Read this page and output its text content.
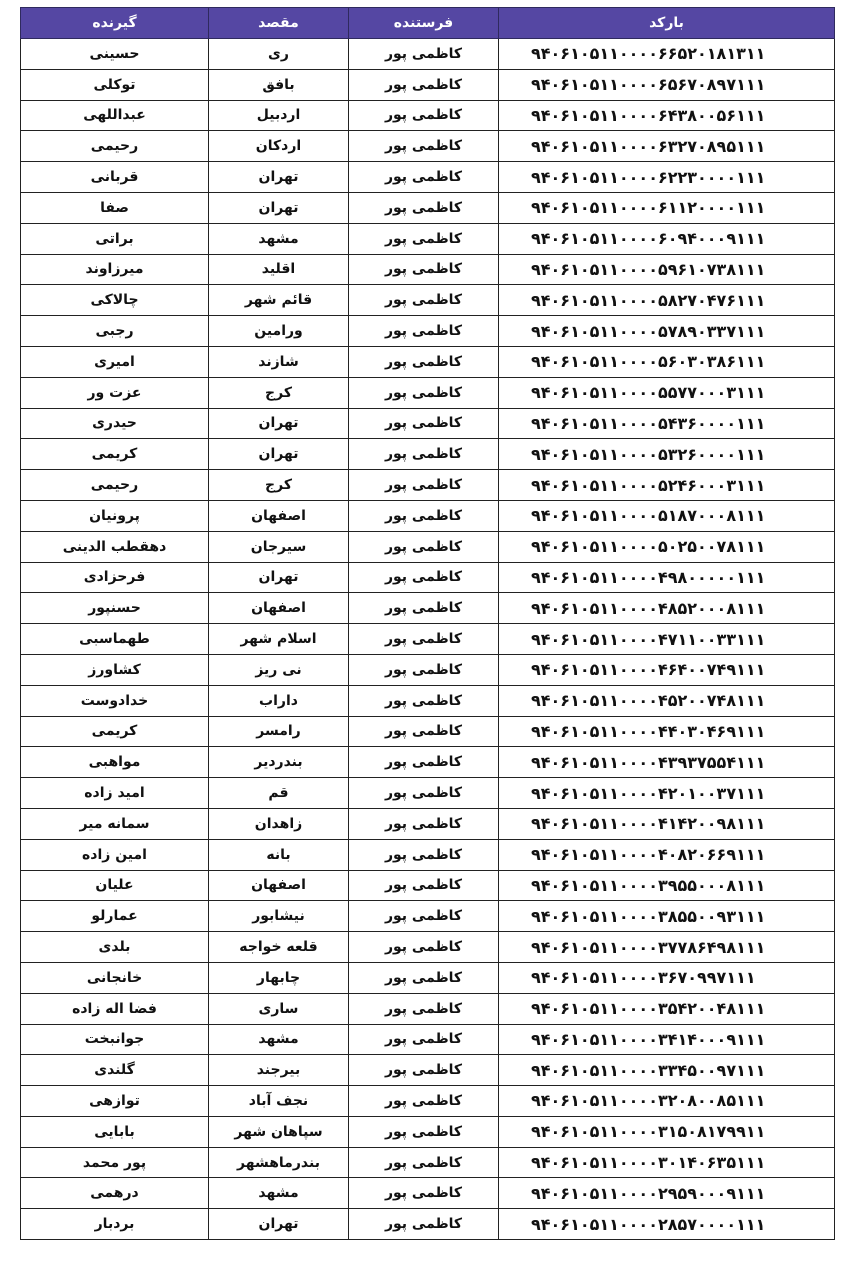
گیرنده	مقصد	فرستنده	بارکد
حسینی	ری	کاظمی پور	۹۴۰۶۱۰۵۱۱۰۰۰۰۶۶۵۲۰۱۸۱۳۱۱
توکلی	بافق	کاظمی پور	۹۴۰۶۱۰۵۱۱۰۰۰۰۶۵۶۷۰۸۹۷۱۱۱
عبداللهی	اردبیل	کاظمی پور	۹۴۰۶۱۰۵۱۱۰۰۰۰۶۴۳۸۰۰۵۶۱۱۱
رحیمی	اردکان	کاظمی پور	۹۴۰۶۱۰۵۱۱۰۰۰۰۶۳۲۷۰۸۹۵۱۱۱
قربانی	تهران	کاظمی پور	۹۴۰۶۱۰۵۱۱۰۰۰۰۶۲۲۳۰۰۰۰۱۱۱
صفا	تهران	کاظمی پور	۹۴۰۶۱۰۵۱۱۰۰۰۰۶۱۱۲۰۰۰۰۱۱۱
براتی	مشهد	کاظمی پور	۹۴۰۶۱۰۵۱۱۰۰۰۰۶۰۹۴۰۰۰۹۱۱۱
میرزاوند	اقلید	کاظمی پور	۹۴۰۶۱۰۵۱۱۰۰۰۰۵۹۶۱۰۷۳۸۱۱۱
چالاکی	قائم شهر	کاظمی پور	۹۴۰۶۱۰۵۱۱۰۰۰۰۵۸۲۷۰۴۷۶۱۱۱
رجبی	ورامین	کاظمی پور	۹۴۰۶۱۰۵۱۱۰۰۰۰۵۷۸۹۰۳۳۷۱۱۱
امیری	شازند	کاظمی پور	۹۴۰۶۱۰۵۱۱۰۰۰۰۵۶۰۳۰۳۸۶۱۱۱
عزت ور	کرج	کاظمی پور	۹۴۰۶۱۰۵۱۱۰۰۰۰۵۵۷۷۰۰۰۳۱۱۱
حیدری	تهران	کاظمی پور	۹۴۰۶۱۰۵۱۱۰۰۰۰۵۴۳۶۰۰۰۰۱۱۱
کریمی	تهران	کاظمی پور	۹۴۰۶۱۰۵۱۱۰۰۰۰۵۳۲۶۰۰۰۰۱۱۱
رحیمی	کرج	کاظمی پور	۹۴۰۶۱۰۵۱۱۰۰۰۰۵۲۴۶۰۰۰۳۱۱۱
پرونیان	اصفهان	کاظمی پور	۹۴۰۶۱۰۵۱۱۰۰۰۰۵۱۸۷۰۰۰۸۱۱۱
دهقطب الدینی	سیرجان	کاظمی پور	۹۴۰۶۱۰۵۱۱۰۰۰۰۵۰۲۵۰۰۷۸۱۱۱
فرحزادی	تهران	کاظمی پور	۹۴۰۶۱۰۵۱۱۰۰۰۰۴۹۸۰۰۰۰۰۱۱۱
حسنپور	اصفهان	کاظمی پور	۹۴۰۶۱۰۵۱۱۰۰۰۰۴۸۵۲۰۰۰۸۱۱۱
طهماسبی	اسلام شهر	کاظمی پور	۹۴۰۶۱۰۵۱۱۰۰۰۰۴۷۱۱۰۰۳۳۱۱۱
کشاورز	نی ریز	کاظمی پور	۹۴۰۶۱۰۵۱۱۰۰۰۰۴۶۴۰۰۷۴۹۱۱۱
خدادوست	داراب	کاظمی پور	۹۴۰۶۱۰۵۱۱۰۰۰۰۴۵۲۰۰۷۴۸۱۱۱
کریمی	رامسر	کاظمی پور	۹۴۰۶۱۰۵۱۱۰۰۰۰۴۴۰۳۰۴۶۹۱۱۱
مواهبی	بندردیر	کاظمی پور	۹۴۰۶۱۰۵۱۱۰۰۰۰۴۳۹۳۷۵۵۴۱۱۱
امید زاده	قم	کاظمی پور	۹۴۰۶۱۰۵۱۱۰۰۰۰۴۲۰۱۰۰۳۷۱۱۱
سمانه میر	زاهدان	کاظمی پور	۹۴۰۶۱۰۵۱۱۰۰۰۰۴۱۴۲۰۰۹۸۱۱۱
امین زاده	بانه	کاظمی پور	۹۴۰۶۱۰۵۱۱۰۰۰۰۴۰۸۲۰۶۶۹۱۱۱
علیان	اصفهان	کاظمی پور	۹۴۰۶۱۰۵۱۱۰۰۰۰۳۹۵۵۰۰۰۸۱۱۱
عمارلو	نیشابور	کاظمی پور	۹۴۰۶۱۰۵۱۱۰۰۰۰۳۸۵۵۰۰۹۳۱۱۱
بلدی	قلعه خواجه	کاظمی پور	۹۴۰۶۱۰۵۱۱۰۰۰۰۳۷۷۸۶۴۹۸۱۱۱
خانجانی	چابهار	کاظمی پور	۹۴۰۶۱۰۵۱۱۰۰۰۰۳۶۷۰۹۹۷۱۱۱
فضا اله زاده	ساری	کاظمی پور	۹۴۰۶۱۰۵۱۱۰۰۰۰۳۵۴۲۰۰۴۸۱۱۱
جوانبخت	مشهد	کاظمی پور	۹۴۰۶۱۰۵۱۱۰۰۰۰۳۴۱۴۰۰۰۹۱۱۱
گلندی	بیرجند	کاظمی پور	۹۴۰۶۱۰۵۱۱۰۰۰۰۳۳۴۵۰۰۹۷۱۱۱
توازهی	نجف آباد	کاظمی پور	۹۴۰۶۱۰۵۱۱۰۰۰۰۳۲۰۸۰۰۸۵۱۱۱
بابایی	سپاهان شهر	کاظمی پور	۹۴۰۶۱۰۵۱۱۰۰۰۰۳۱۵۰۸۱۷۹۹۱۱
پور محمد	بندرماهشهر	کاظمی پور	۹۴۰۶۱۰۵۱۱۰۰۰۰۳۰۱۴۰۶۳۵۱۱۱
درهمی	مشهد	کاظمی پور	۹۴۰۶۱۰۵۱۱۰۰۰۰۲۹۵۹۰۰۰۹۱۱۱
بردبار	تهران	کاظمی پور	۹۴۰۶۱۰۵۱۱۰۰۰۰۲۸۵۷۰۰۰۰۱۱۱
